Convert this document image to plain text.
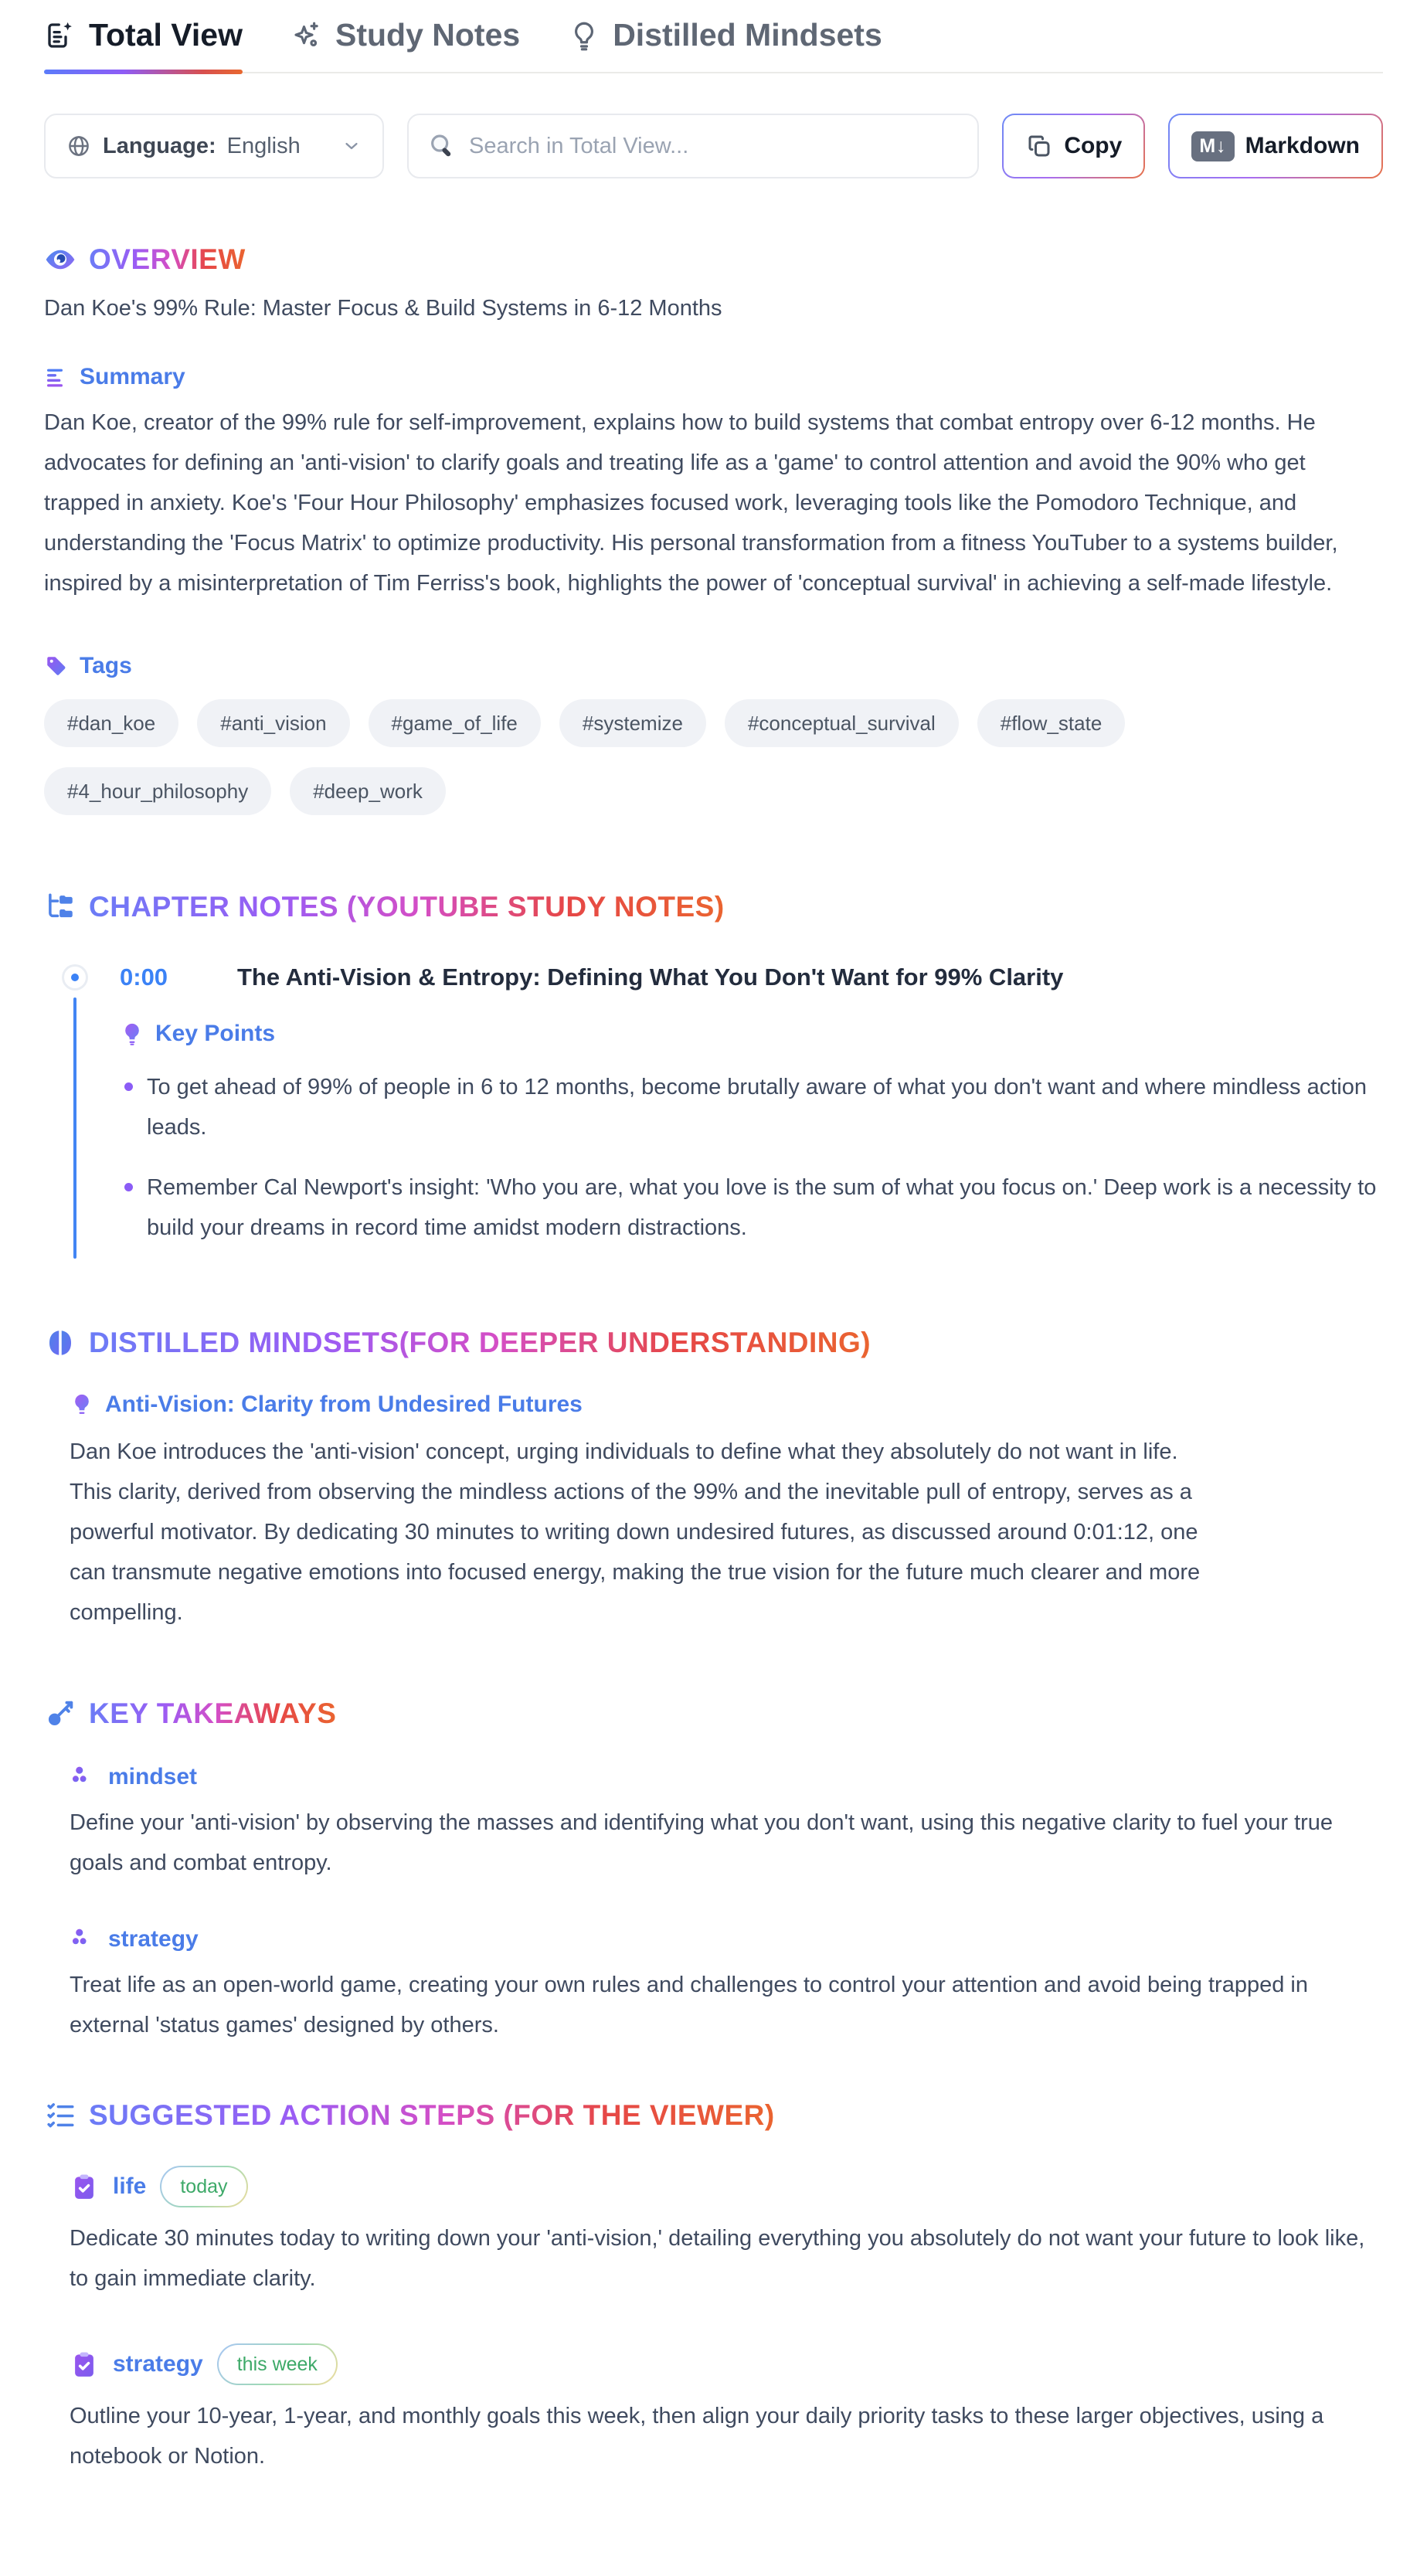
Total View	Study Notes	Distilled Mindsets
Language: English
Search in Total View...	Copy	M↓ Markdown
OVERVIEW

Dan Koe's 99% Rule: Master Focus & Build Systems in 6-12 Months

Summary

Dan Koe, creator of the 99% rule for self-improvement, explains how to build systems that combat entropy over 6-12 months. He advocates for defining an 'anti-vision' to clarify goals and treating life as a 'game' to control attention and avoid the 90% who get trapped in anxiety. Koe's 'Four Hour Philosophy' emphasizes focused work, leveraging tools like the Pomodoro Technique, and understanding the 'Focus Matrix' to optimize productivity. His personal transformation from a fitness YouTuber to a systems builder, inspired by a misinterpretation of Tim Ferriss's book, highlights the power of 'conceptual survival' in achieving a self-made lifestyle.

Tags
#dan_koe	#anti_vision	#game_of_life	#systemize	#conceptual_survival	#flow_state
#4_hour_philosophy	#deep_work
CHAPTER NOTES (YOUTUBE STUDY NOTES)
0:00	The Anti-Vision & Entropy: Defining What You Don't Want for 99% Clarity
Key Points
To get ahead of 99% of people in 6 to 12 months, become brutally aware of what you don't want and where mindless action leads.
Remember Cal Newport's insight: 'Who you are, what you love is the sum of what you focus on.' Deep work is a necessity to build your dreams in record time amidst modern distractions.
DISTILLED MINDSETS(FOR DEEPER UNDERSTANDING)
Anti-Vision: Clarity from Undesired Futures

Dan Koe introduces the 'anti-vision' concept, urging individuals to define what they absolutely do not want in life. This clarity, derived from observing the mindless actions of the 99% and the inevitable pull of entropy, serves as a powerful motivator. By dedicating 30 minutes to writing down undesired futures, as discussed around 0:01:12, one can transmute negative emotions into focused energy, making the true vision for the future much clearer and more compelling.

KEY TAKEAWAYS
mindset

Define your 'anti-vision' by observing the masses and identifying what you don't want, using this negative clarity to fuel your true goals and combat entropy.

strategy

Treat life as an open-world game, creating your own rules and challenges to control your attention and avoid being trapped in external 'status games' designed by others.

SUGGESTED ACTION STEPS (FOR THE VIEWER)
life	today

Dedicate 30 minutes today to writing down your 'anti-vision,' detailing everything you absolutely do not want your future to look like, to gain immediate clarity.

strategy	this week

Outline your 10-year, 1-year, and monthly goals this week, then align your daily priority tasks to these larger objectives, using a notebook or Notion.
